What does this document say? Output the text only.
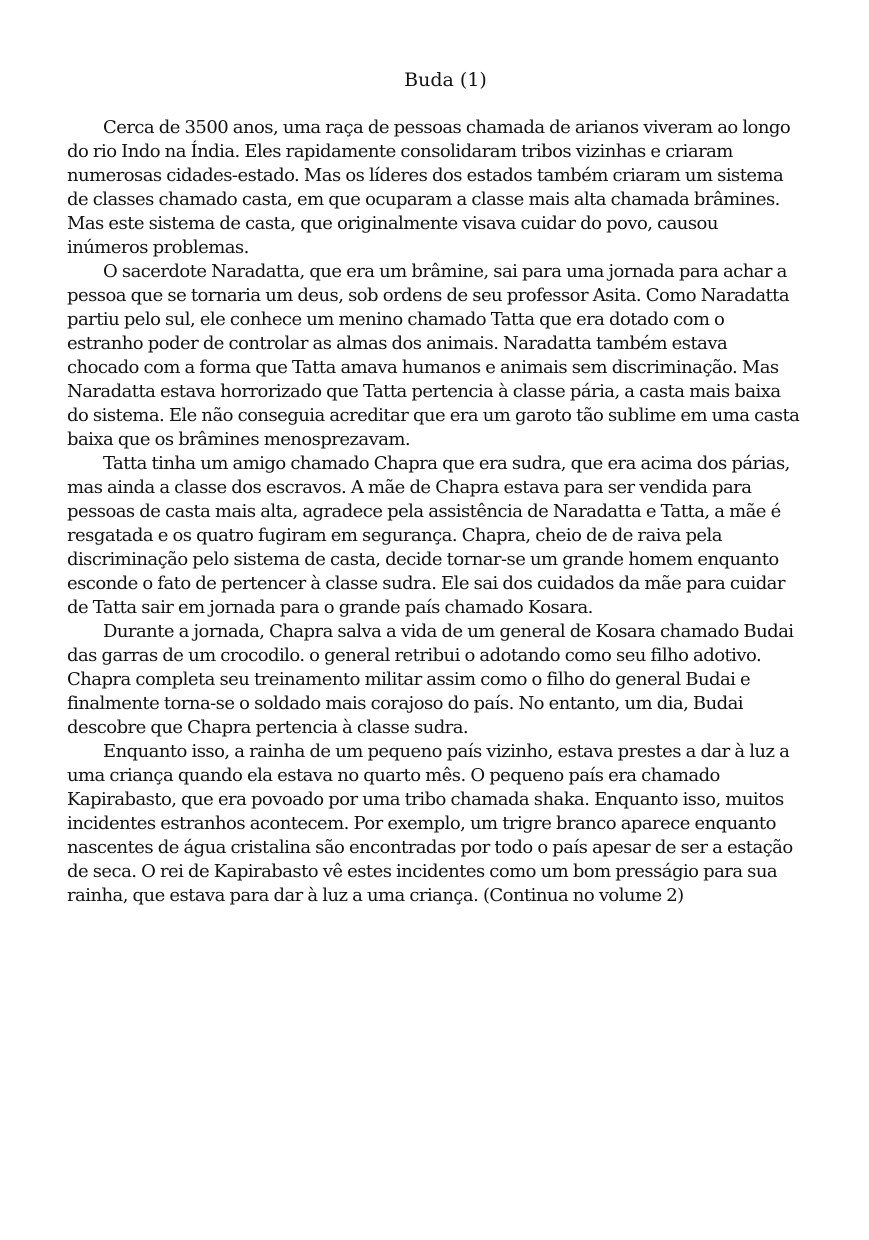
Buda (1)

Cerca de 3500 anos, uma raça de pessoas chamada de arianos viveram ao longo do rio Indo na Índia. Eles rapidamente consolidaram tribos vizinhas e criaram numerosas cidades-estado. Mas os líderes dos estados também criaram um sistema de classes chamado casta, em que ocuparam a classe mais alta chamada brâmines. Mas este sistema de casta, que originalmente visava cuidar do povo, causou inúmeros problemas.

O sacerdote Naradatta, que era um brâmine, sai para uma jornada para achar a pessoa que se tornaria um deus, sob ordens de seu professor Asita. Como Naradatta partiu pelo sul, ele conhece um menino chamado Tatta que era dotado com o estranho poder de controlar as almas dos animais. Naradatta também estava chocado com a forma que Tatta amava humanos e animais sem discriminação. Mas Naradatta estava horrorizado que Tatta pertencia à classe pária, a casta mais baixa do sistema. Ele não conseguia acreditar que era um garoto tão sublime em uma casta baixa que os brâmines menosprezavam.

Tatta tinha um amigo chamado Chapra que era sudra, que era acima dos párias, mas ainda a classe dos escravos. A mãe de Chapra estava para ser vendida para pessoas de casta mais alta, agradece pela assistência de Naradatta e Tatta, a mãe é resgatada e os quatro fugiram em segurança. Chapra, cheio de de raiva pela discriminação pelo sistema de casta, decide tornar-se um grande homem enquanto esconde o fato de pertencer à classe sudra. Ele sai dos cuidados da mãe para cuidar de Tatta sair em jornada para o grande país chamado Kosara.

Durante a jornada, Chapra salva a vida de um general de Kosara chamado Budai das garras de um crocodilo. o general retribui o adotando como seu filho adotivo. Chapra completa seu treinamento militar assim como o filho do general Budai e finalmente torna-se o soldado mais corajoso do país. No entanto, um dia, Budai descobre que Chapra pertencia à classe sudra.

Enquanto isso, a rainha de um pequeno país vizinho, estava prestes a dar à luz a uma criança quando ela estava no quarto mês. O pequeno país era chamado Kapirabasto, que era povoado por uma tribo chamada shaka. Enquanto isso, muitos incidentes estranhos acontecem. Por exemplo, um trigre branco aparece enquanto nascentes de água cristalina são encontradas por todo o país apesar de ser a estação de seca. O rei de Kapirabasto vê estes incidentes como um bom presságio para sua rainha, que estava para dar à luz a uma criança. (Continua no volume 2)
